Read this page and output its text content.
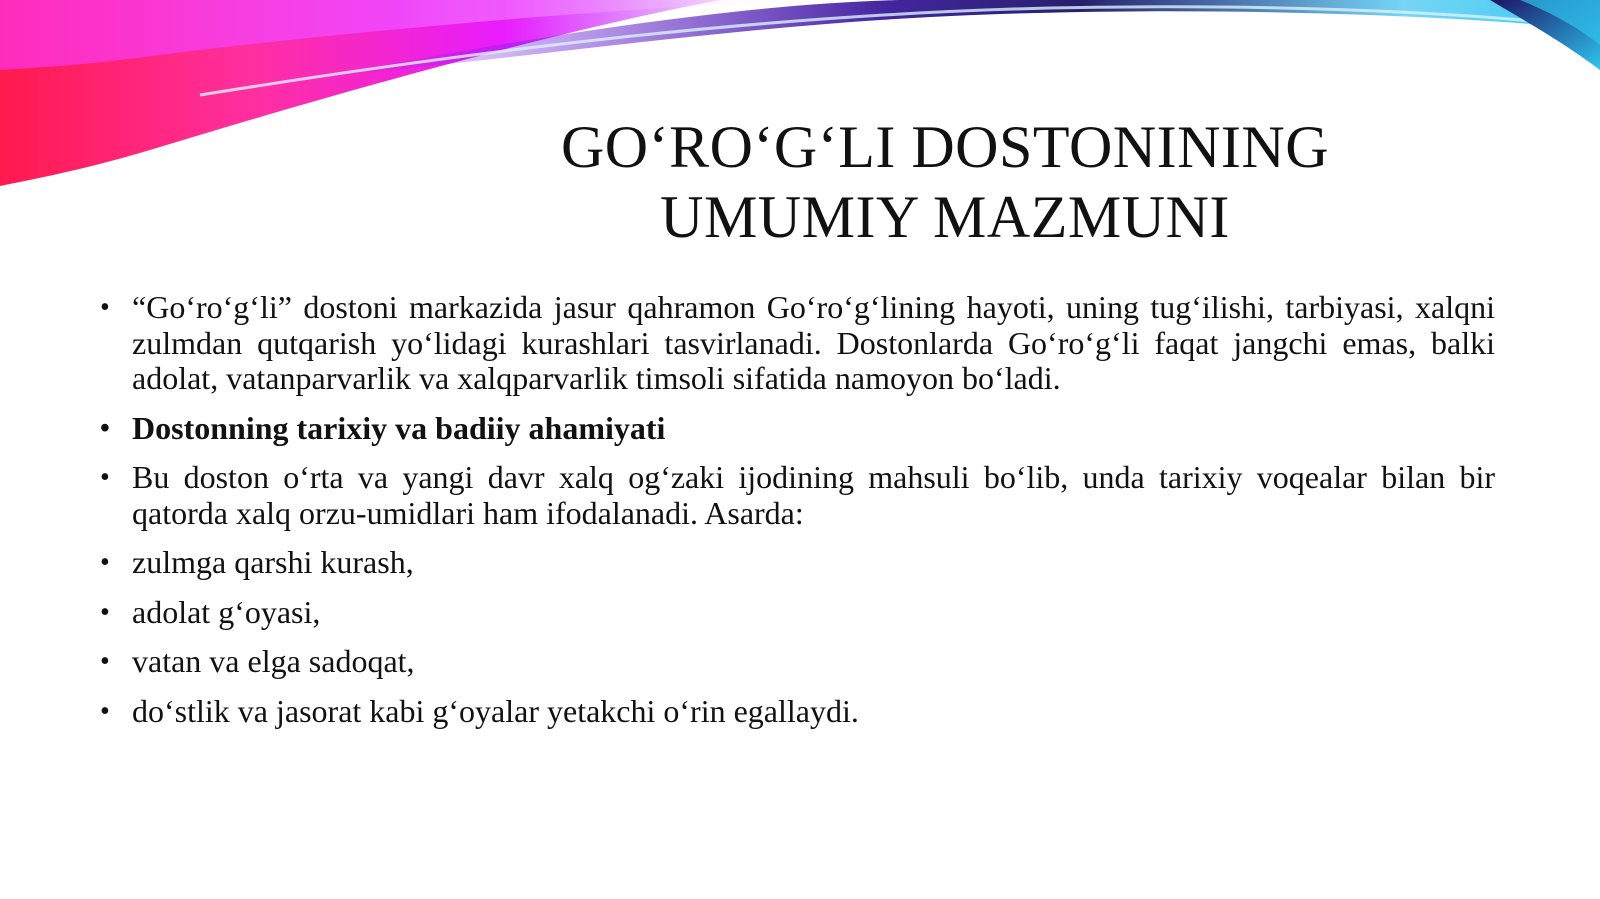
GO‘RO‘G‘LI DOSTONINING
UMUMIY MAZMUNI
• “Go‘ro‘g‘li” dostoni markazida jasur qahramon Go‘ro‘g‘lining hayoti, uning tug‘ilishi, tarbiyasi, xalqni zulmdan qutqarish yo‘lidagi kurashlari tasvirlanadi. Dostonlarda Go‘ro‘g‘li faqat jangchi emas, balki adolat, vatanparvarlik va xalqparvarlik timsoli sifatida namoyon bo‘ladi.
• Dostonning tarixiy va badiiy ahamiyati
• Bu doston o‘rta va yangi davr xalq og‘zaki ijodining mahsuli bo‘lib, unda tarixiy voqealar bilan bir qatorda xalq orzu-umidlari ham ifodalanadi. Asarda:
• zulmga qarshi kurash,
• adolat g‘oyasi,
• vatan va elga sadoqat,
• do‘stlik va jasorat kabi g‘oyalar yetakchi o‘rin egallaydi.
